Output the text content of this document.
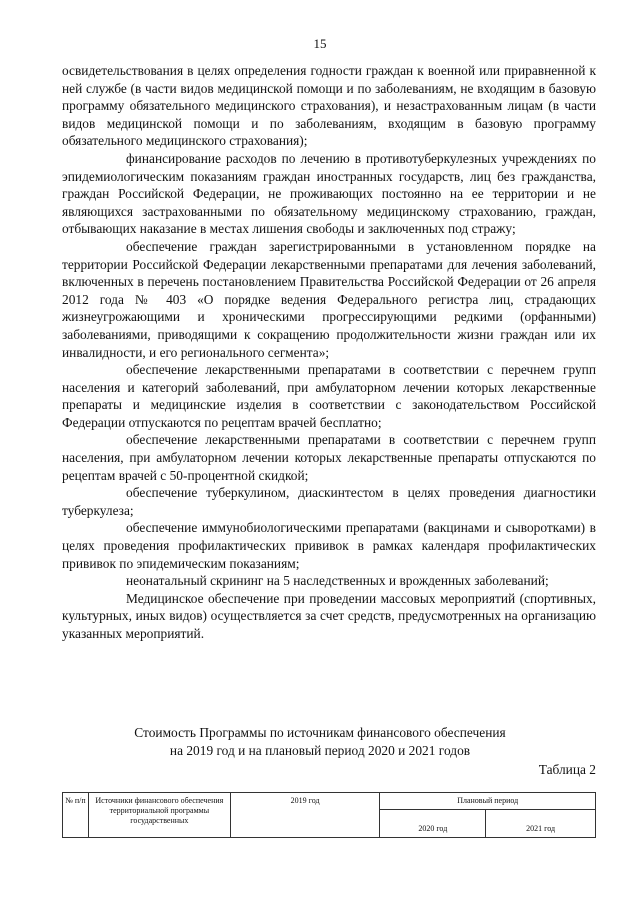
15

освидетельствования в целях определения годности граждан к военной или приравненной к ней службе (в части видов медицинской помощи и по заболеваниям, не входящим в базовую программу обязательного медицинского страхования), и незастрахованным лицам (в части видов медицинской помощи и по заболеваниям, входящим в базовую программу обязательного медицинского страхования);

финансирование расходов по лечению в противотуберкулезных учреждениях по эпидемиологическим показаниям граждан иностранных государств, лиц без гражданства, граждан Российской Федерации, не проживающих постоянно на ее территории и не являющихся застрахованными по обязательному медицинскому страхованию, граждан, отбывающих наказание в местах лишения свободы и заключенных под стражу;

обеспечение граждан зарегистрированными в установленном порядке на территории Российской Федерации лекарственными препаратами для лечения заболеваний, включенных в перечень постановлением Правительства Российской Федерации от 26 апреля 2012 года № 403 «О порядке ведения Федерального регистра лиц, страдающих жизнеугрожающими и хроническими прогрессирующими редкими (орфанными) заболеваниями, приводящими к сокращению продолжительности жизни граждан или их инвалидности, и его регионального сегмента»;

обеспечение лекарственными препаратами в соответствии с перечнем групп населения и категорий заболеваний, при амбулаторном лечении которых лекарственные препараты и медицинские изделия в соответствии с законодательством Российской Федерации отпускаются по рецептам врачей бесплатно;

обеспечение лекарственными препаратами в соответствии с перечнем групп населения, при амбулаторном лечении которых лекарственные препараты отпускаются по рецептам врачей с 50-процентной скидкой;

обеспечение туберкулином, диаскинтестом в целях проведения диагностики туберкулеза;

обеспечение иммунобиологическими препаратами (вакцинами и сыворотками) в целях проведения профилактических прививок в рамках календаря профилактических прививок по эпидемическим показаниям;

неонатальный скрининг на 5 наследственных и врожденных заболеваний;

Медицинское обеспечение при проведении массовых мероприятий (спортивных, культурных, иных видов) осуществляется за счет средств, предусмотренных на организацию указанных мероприятий.

Стоимость Программы по источникам финансового обеспечения
на 2019 год и на плановый период 2020 и 2021 годов
Таблица 2
№ п/п	Источники финансового обеспечения территориальной программы государственных	2019 год	Плановый период	
			2020 год	2021 год
